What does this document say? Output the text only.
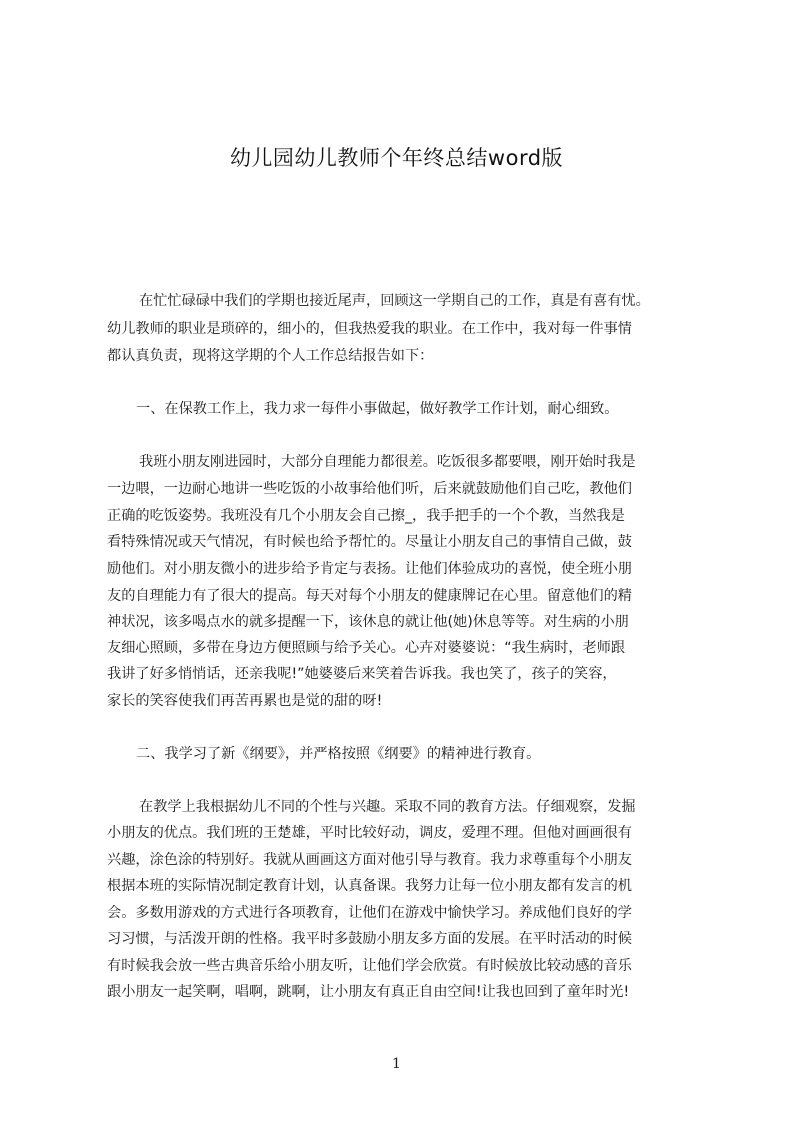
幼儿园幼儿教师个年终总结word版
在忙忙碌碌中我们的学期也接近尾声，回顾这一学期自己的工作，真是有喜有忧。
幼儿教师的职业是琐碎的，细小的，但我热爱我的职业。在工作中，我对每一件事情
都认真负责，现将这学期的个人工作总结报告如下：
一、在保教工作上，我力求一每件小事做起，做好教学工作计划，耐心细致。
我班小朋友刚进园时，大部分自理能力都很差。吃饭很多都要喂，刚开始时我是
一边喂，一边耐心地讲一些吃饭的小故事给他们听，后来就鼓励他们自己吃，教他们
正确的吃饭姿势。我班没有几个小朋友会自己擦_，我手把手的一个个教，当然我是
看特殊情况或天气情况，有时候也给予帮忙的。尽量让小朋友自己的事情自己做，鼓
励他们。对小朋友微小的进步给予肯定与表扬。让他们体验成功的喜悦，使全班小朋
友的自理能力有了很大的提高。每天对每个小朋友的健康牌记在心里。留意他们的精
神状况，该多喝点水的就多提醒一下，该休息的就让他(她)休息等等。对生病的小朋
友细心照顾，多带在身边方便照顾与给予关心。心卉对婆婆说：“我生病时，老师跟
我讲了好多悄悄话，还亲我呢!”她婆婆后来笑着告诉我。我也笑了，孩子的笑容，
家长的笑容使我们再苦再累也是觉的甜的呀!
二、我学习了新《纲要》，并严格按照《纲要》的精神进行教育。
在教学上我根据幼儿不同的个性与兴趣。采取不同的教育方法。仔细观察，发掘
小朋友的优点。我们班的王楚雄，平时比较好动，调皮，爱理不理。但他对画画很有
兴趣，涂色涂的特别好。我就从画画这方面对他引导与教育。我力求尊重每个小朋友
根据本班的实际情况制定教育计划，认真备课。我努力让每一位小朋友都有发言的机
会。多数用游戏的方式进行各项教育，让他们在游戏中愉快学习。养成他们良好的学
习习惯，与活泼开朗的性格。我平时多鼓励小朋友多方面的发展。在平时活动的时候
有时候我会放一些古典音乐给小朋友听，让他们学会欣赏。有时候放比较动感的音乐
跟小朋友一起笑啊，唱啊，跳啊，让小朋友有真正自由空间!让我也回到了童年时光!
1
